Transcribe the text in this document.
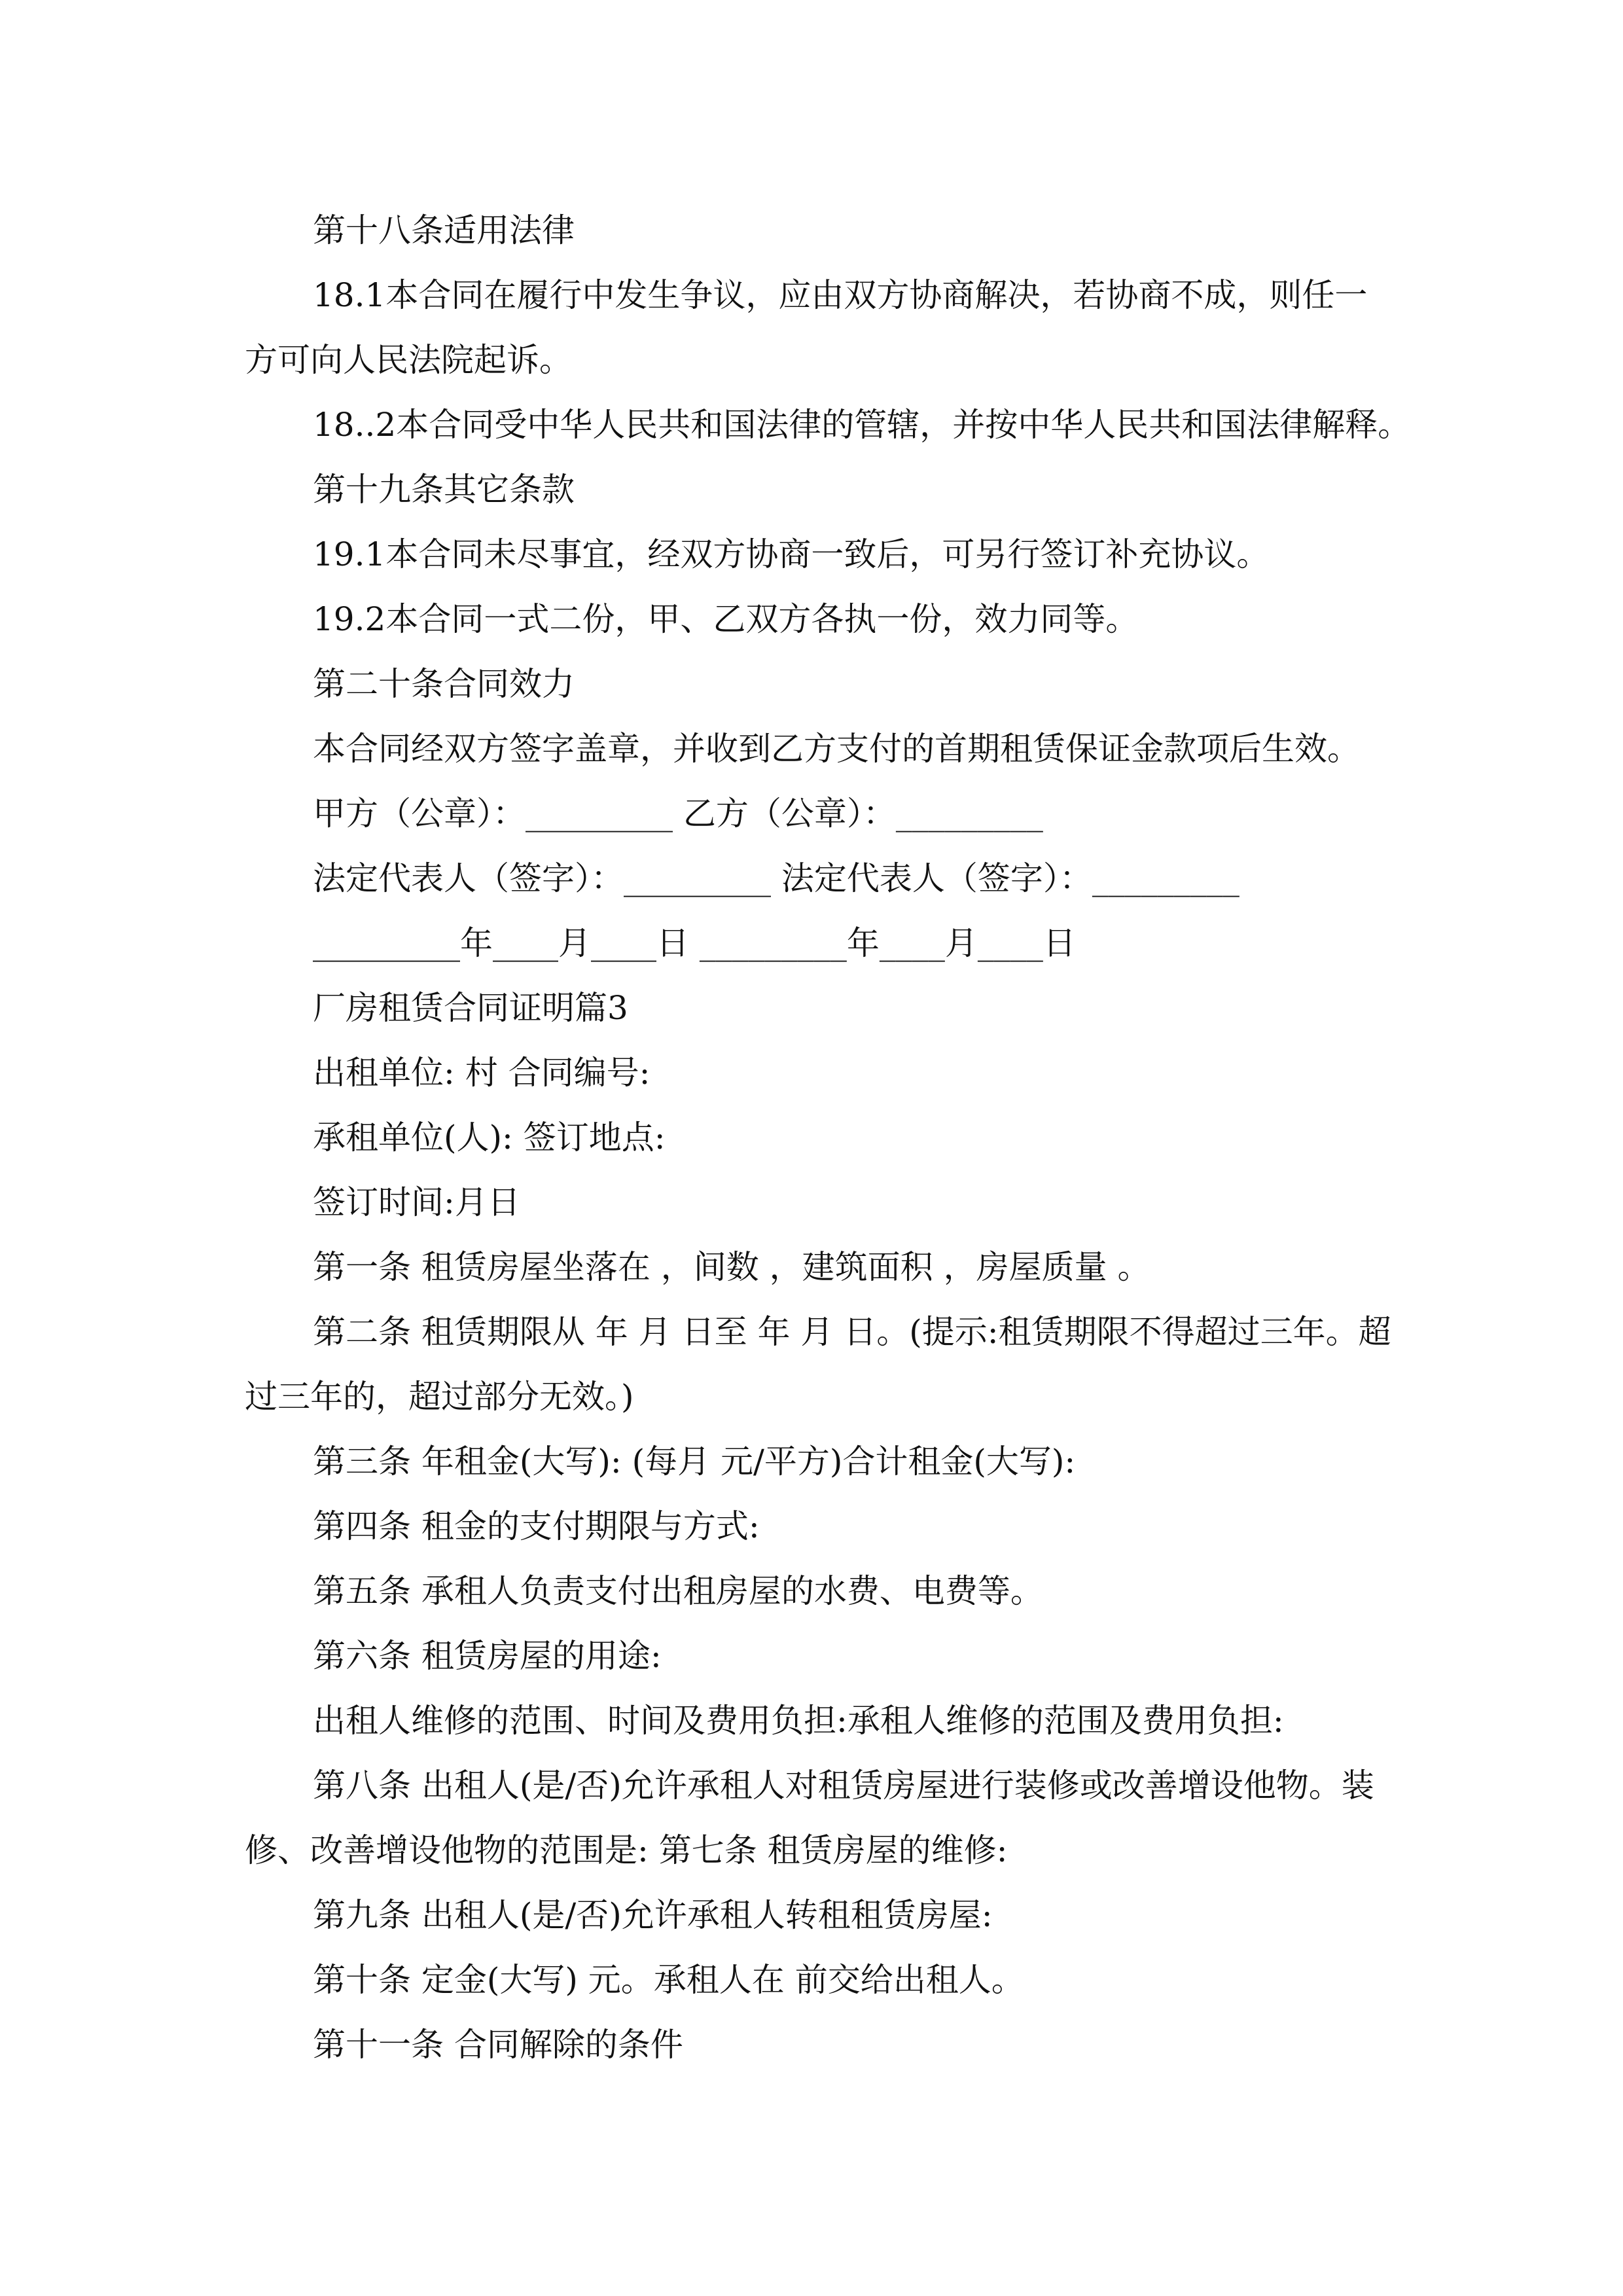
第十八条适用法律
18.1本合同在履行中发生争议，应由双方协商解决，若协商不成，则任一
方可向人民法院起诉。
18..2本合同受中华人民共和国法律的管辖，并按中华人民共和国法律解释。
第十九条其它条款
19.1本合同未尽事宜，经双方协商一致后，可另行签订补充协议。
19.2本合同一式二份，甲、乙双方各执一份，效力同等。
第二十条合同效力
本合同经双方签字盖章，并收到乙方支付的首期租赁保证金款项后生效。
甲方（公章）：_________ 乙方（公章）：_________
法定代表人（签字）：_________ 法定代表人（签字）：_________
_________年____月____日 _________年____月____日
厂房租赁合同证明篇3
出租单位: 村 合同编号:
承租单位(人): 签订地点:
签订时间:月日
第一条 租赁房屋坐落在 ，间数 ，建筑面积 ，房屋质量 。
第二条 租赁期限从 年 月 日至 年 月 日。(提示:租赁期限不得超过三年。超
过三年的，超过部分无效。)
第三条 年租金(大写): (每月 元/平方)合计租金(大写):
第四条 租金的支付期限与方式:
第五条 承租人负责支付出租房屋的水费、电费等。
第六条 租赁房屋的用途:
出租人维修的范围、时间及费用负担:承租人维修的范围及费用负担:
第八条 出租人(是/否)允许承租人对租赁房屋进行装修或改善增设他物。装
修、改善增设他物的范围是: 第七条 租赁房屋的维修:
第九条 出租人(是/否)允许承租人转租租赁房屋:
第十条 定金(大写) 元。承租人在 前交给出租人。
第十一条 合同解除的条件
